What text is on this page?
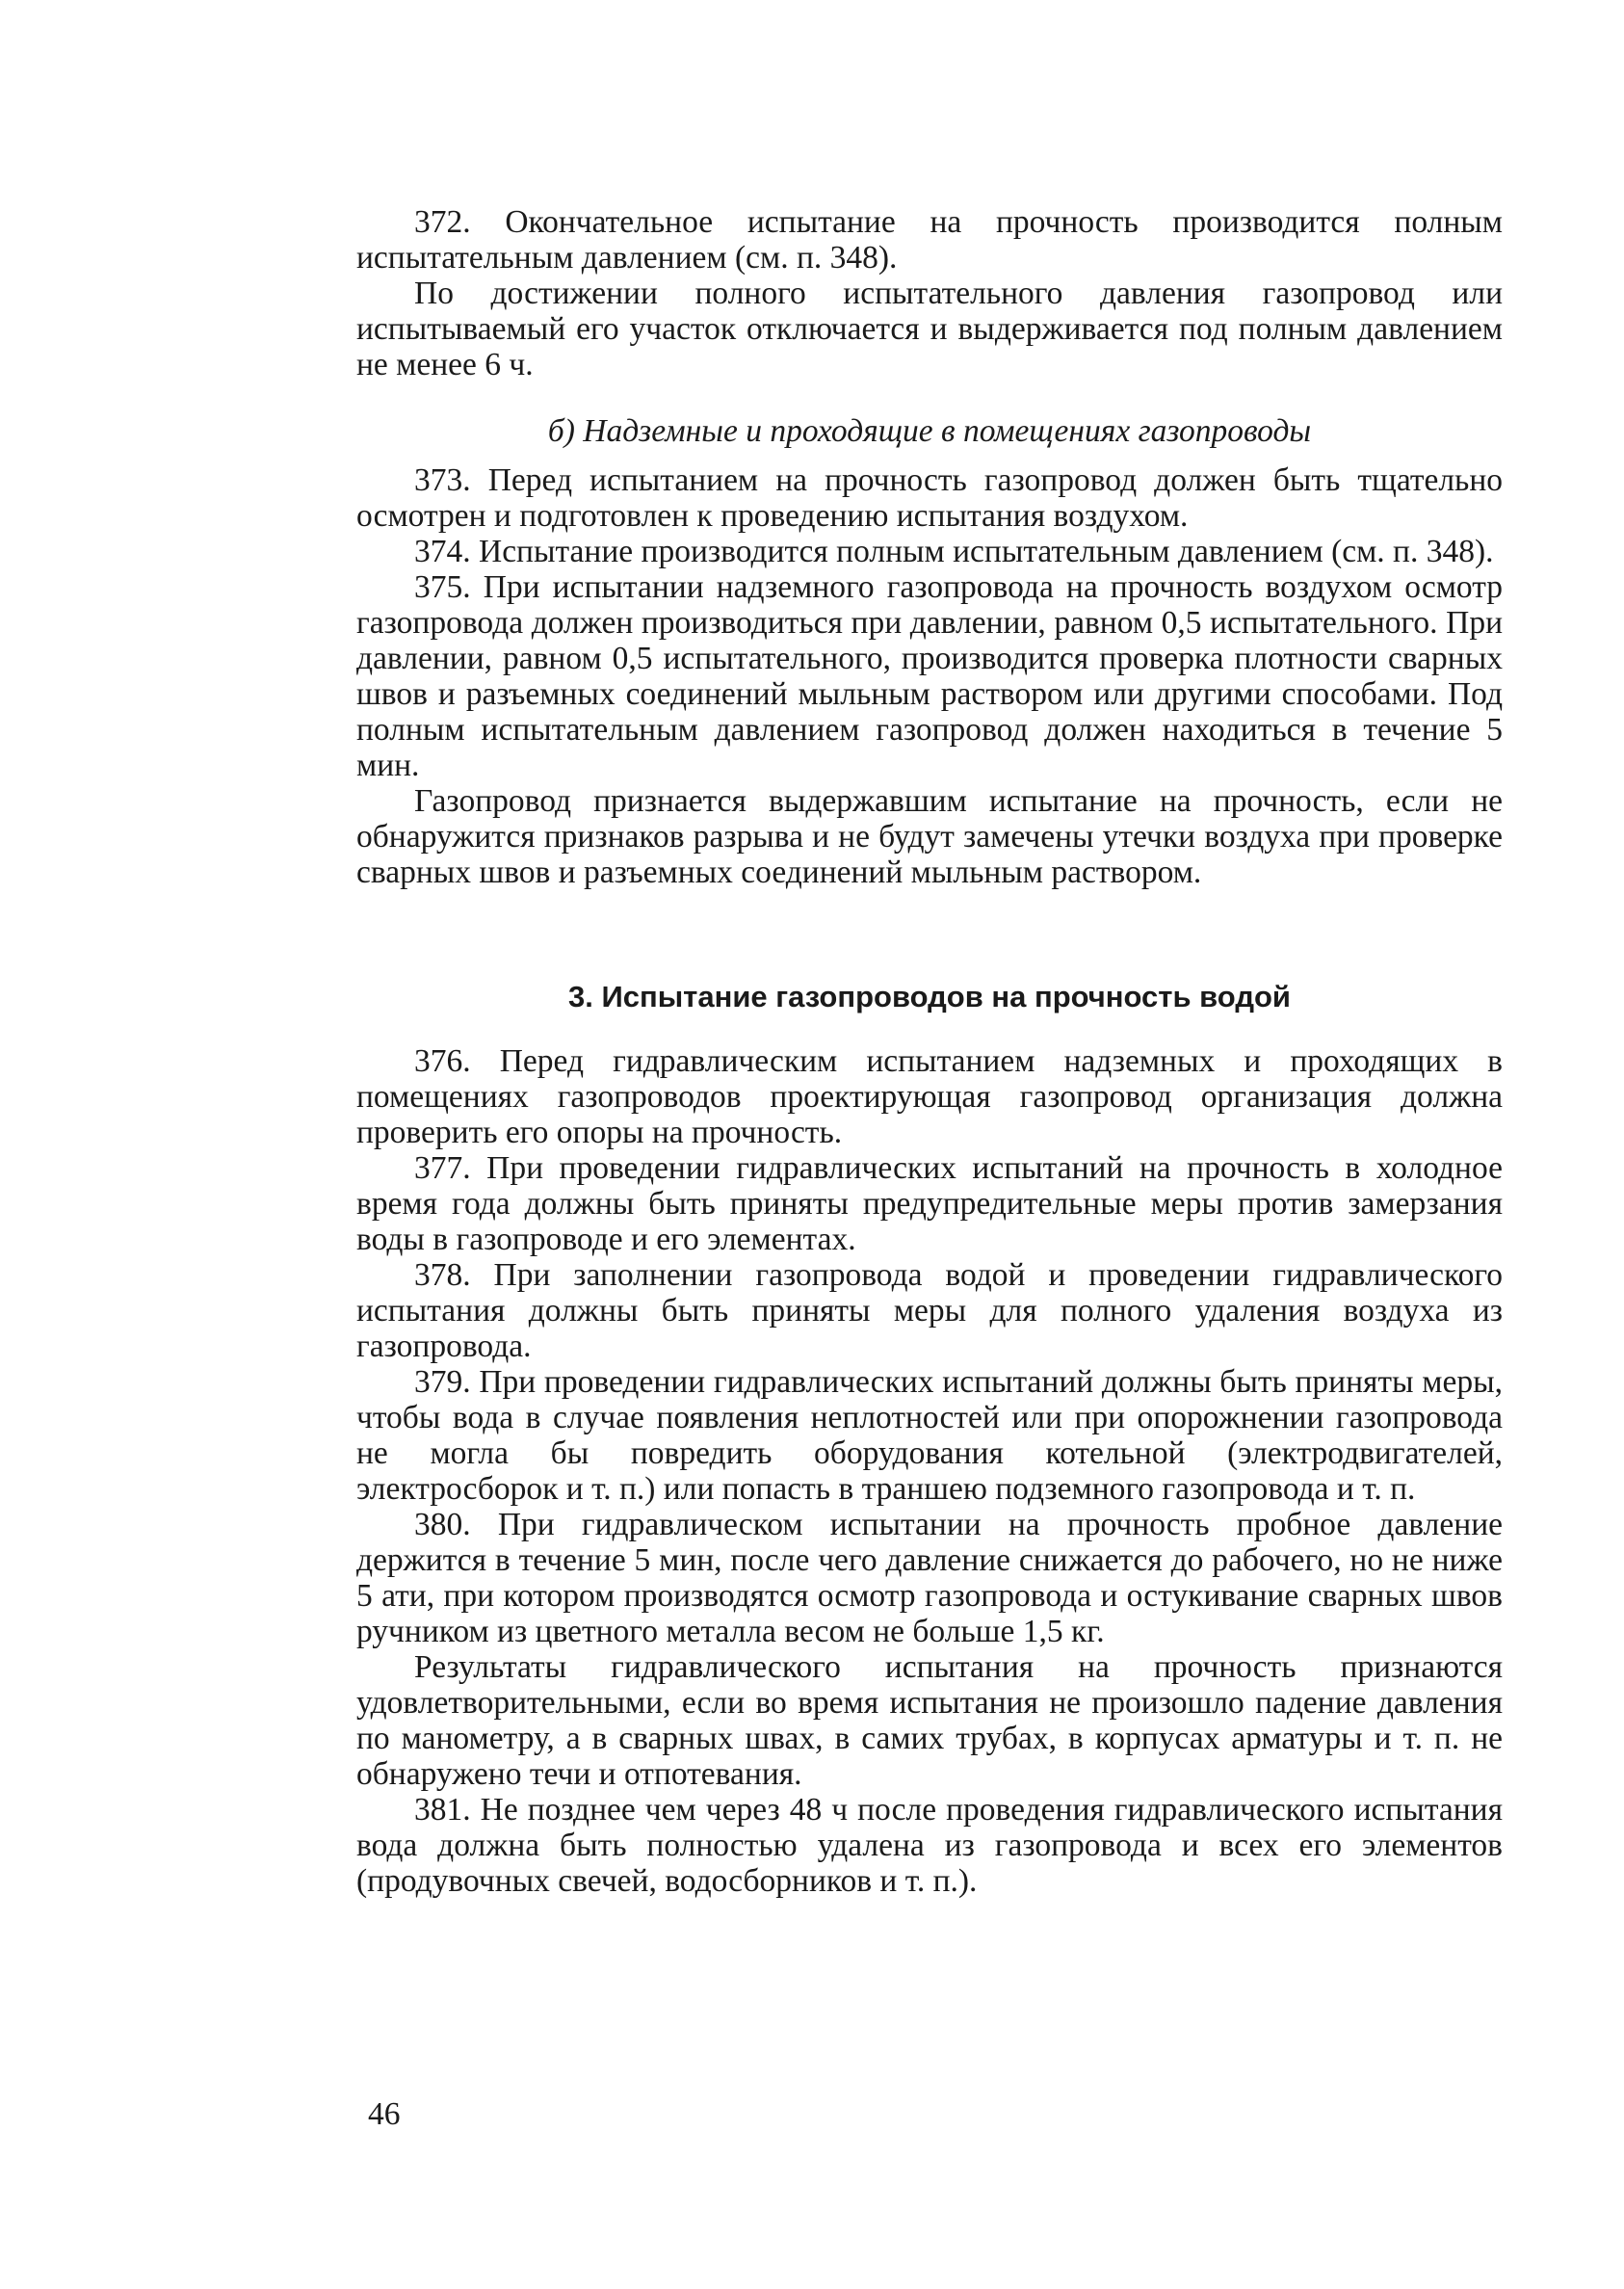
372. Окончательное испытание на прочность производится полным испытательным давлением (см. п. 348).

По достижении полного испытательного давления газопровод или испытываемый его участок отключается и выдерживается под полным давлением не менее 6 ч.

б) Надземные и проходящие в помещениях газопроводы

373. Перед испытанием на прочность газопровод должен быть тщательно осмотрен и подготовлен к проведению испытания воздухом.

374. Испытание производится полным испытательным давлением (см. п. 348).

375. При испытании надземного газопровода на прочность воздухом осмотр газопровода должен производиться при давлении, равном 0,5 испытательного. При давлении, равном 0,5 испытательного, производится проверка плотности сварных швов и разъемных соединений мыльным раствором или другими способами. Под полным испытательным давлением газопровод должен находиться в течение 5 мин.

Газопровод признается выдержавшим испытание на прочность, если не обнаружится признаков разрыва и не будут замечены утечки воздуха при проверке сварных швов и разъемных соединений мыльным раствором.

3. Испытание газопроводов на прочность водой

376. Перед гидравлическим испытанием надземных и проходящих в помещениях газопроводов проектирующая газопровод организация должна проверить его опоры на прочность.

377. При проведении гидравлических испытаний на прочность в холодное время года должны быть приняты предупредительные меры против замерзания воды в газопроводе и его элементах.

378. При заполнении газопровода водой и проведении гидравлического испытания должны быть приняты меры для полного удаления воздуха из газопровода.

379. При проведении гидравлических испытаний должны быть приняты меры, чтобы вода в случае появления неплотностей или при опорожнении газопровода не могла бы повредить оборудования котельной (электродвигателей, электросборок и т. п.) или попасть в траншею подземного газопровода и т. п.

380. При гидравлическом испытании на прочность пробное давление держится в течение 5 мин, после чего давление снижается до рабочего, но не ниже 5 ати, при котором производятся осмотр газопровода и остукивание сварных швов ручником из цветного металла весом не больше 1,5 кг.

Результаты гидравлического испытания на прочность признаются удовлетворительными, если во время испытания не произошло падение давления по манометру, а в сварных швах, в самих трубах, в корпусах арматуры и т. п. не обнаружено течи и отпотевания.

381. Не позднее чем через 48 ч после проведения гидравлического испытания вода должна быть полностью удалена из газопровода и всех его элементов (продувочных свечей, водосборников и т. п.).

46
